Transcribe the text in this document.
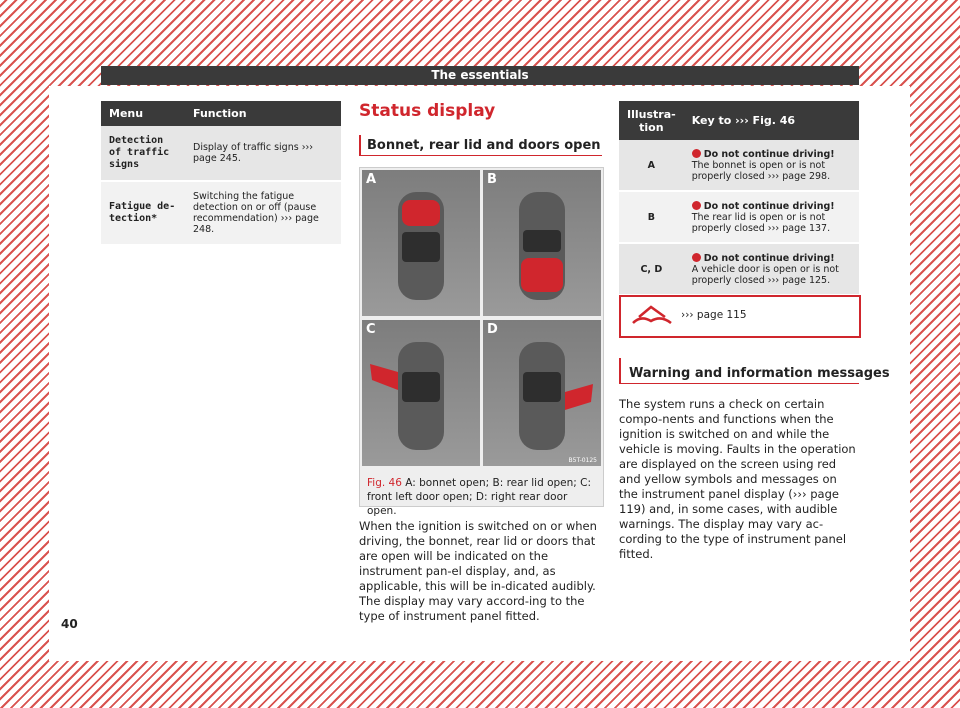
The essentials
Menu	Function
Detection of traffic signs	Display of traffic signs ››› page 245.
Fatigue de-tection*	Switching the fatigue detection on or off (pause recommendation) ››› page 248.
Status display
Bonnet, rear lid and doors open
A	B
C	D
B5T-0125
Fig. 46 A: bonnet open; B: rear lid open; C: front left door open; D: right rear door open.
When the ignition is switched on or when driving, the bonnet, rear lid or doors that are open will be indicated on the instrument pan-el display, and, as applicable, this will be in-dicated audibly. The display may vary accord-ing to the type of instrument panel fitted.
Illustra-tion	Key to ››› Fig. 46
A	Do not continue driving!
The bonnet is open or is not properly closed ››› page 298.
B	Do not continue driving!
The rear lid is open or is not properly closed ››› page 137.
C, D	Do not continue driving!
A vehicle door is open or is not properly closed ››› page 125.
››› page 115
Warning and information messages
The system runs a check on certain compo-nents and functions when the ignition is switched on and while the vehicle is moving. Faults in the operation are displayed on the screen using red and yellow symbols and messages on the instrument panel display (››› page 119) and, in some cases, with audible warnings. The display may vary ac-cording to the type of instrument panel fitted.
40
